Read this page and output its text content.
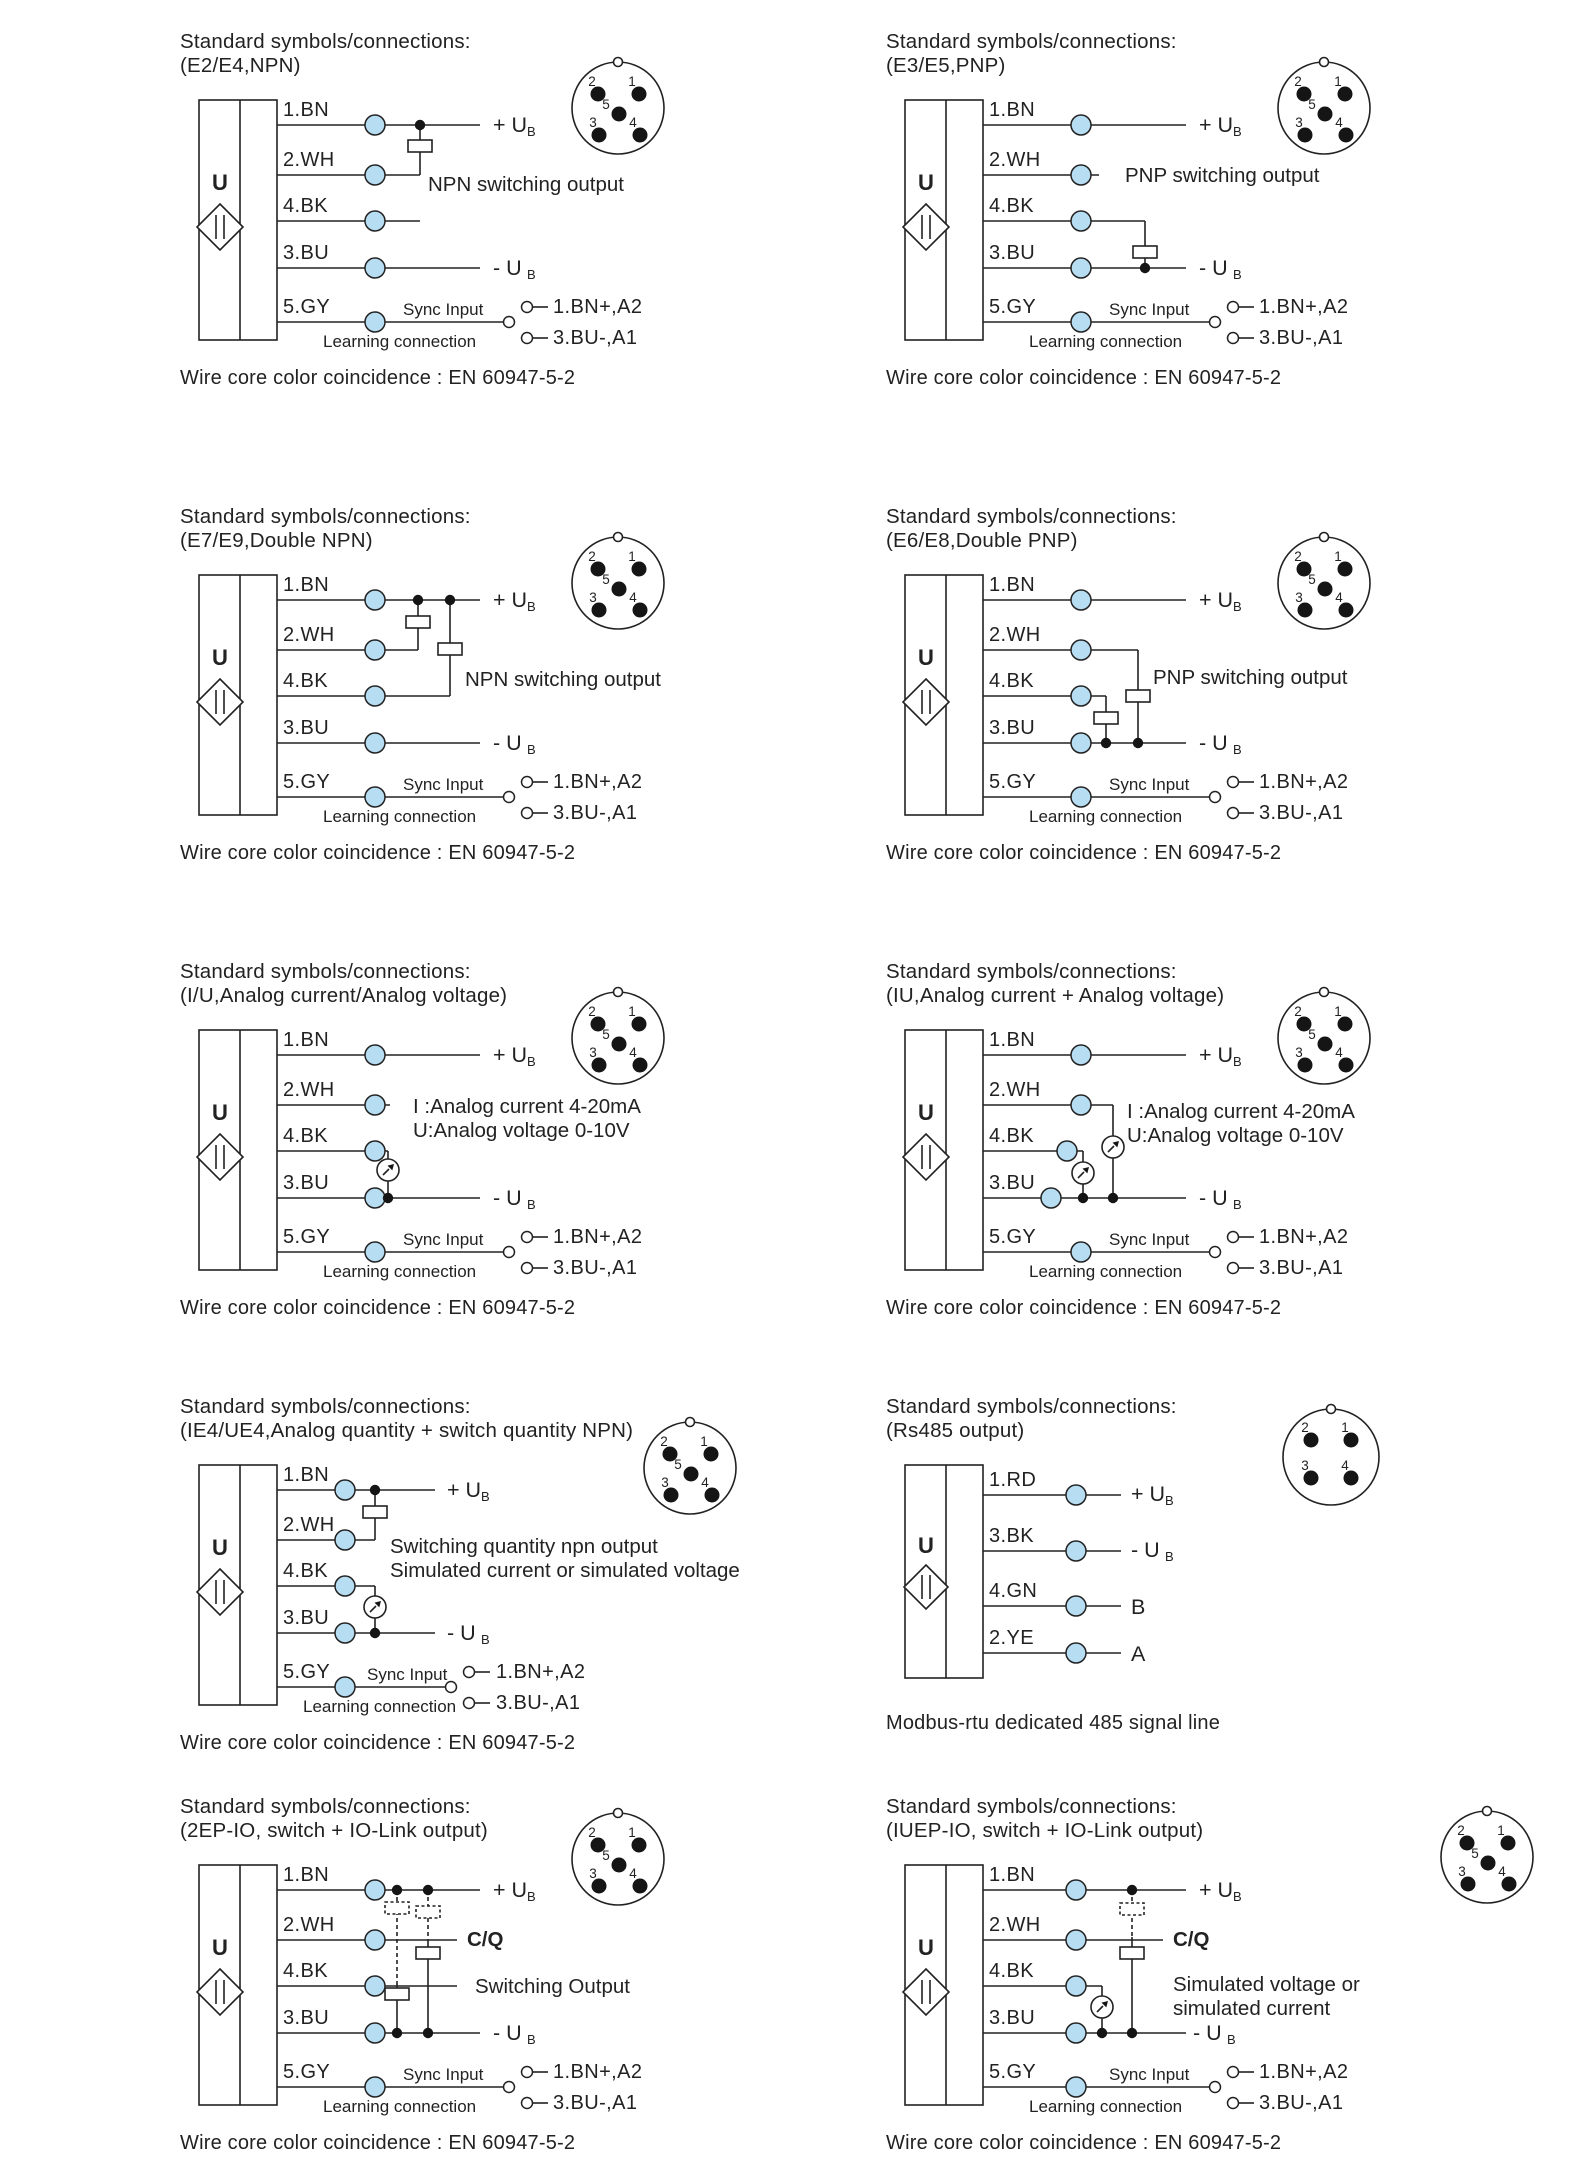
Standard symbols/connections:
(E2/E4,NPN)
U
1.BN
+ U B
2.WH
NPN switching output
4.BK
3.BU
- U B
5.GY	Sync Input
Learning connection
1.BN+,A2
3.BU-,A1
2 1
5
3 4
Wire core color coincidence : EN 60947-5-2
Standard symbols/connections:
(E3/E5,PNP)
U
1.BN
+ U B
2.WH
PNP switching output
4.BK
3.BU
- U B
5.GY	Sync Input
Learning connection
1.BN+,A2
3.BU-,A1
2 1
5
3 4
Wire core color coincidence : EN 60947-5-2
Standard symbols/connections:
(E7/E9,Double NPN)
U
1.BN
+ U B
2.WH
4.BK	NPN switching output
3.BU
- U B
5.GY	Sync Input
Learning connection
1.BN+,A2
3.BU-,A1
2 1
5
3 4
Wire core color coincidence : EN 60947-5-2
Standard symbols/connections:
(E6/E8,Double PNP)
U
1.BN
+ U B
2.WH
4.BK	PNP switching output
3.BU
- U B
5.GY	Sync Input
Learning connection
1.BN+,A2
3.BU-,A1
2 1
5
3 4
Wire core color coincidence : EN 60947-5-2
Standard symbols/connections:
(I/U,Analog current/Analog voltage)
U
1.BN
+ U B
2.WH
I :Analog current 4-20mA
U:Analog voltage 0-10V
4.BK
3.BU
- U B
5.GY	Sync Input
Learning connection
1.BN+,A2
3.BU-,A1
2 1
5
3 4
Wire core color coincidence : EN 60947-5-2
Standard symbols/connections:
(IU,Analog current + Analog voltage)
U
1.BN
+ U B
2.WH
I :Analog current 4-20mA
U:Analog voltage 0-10V
4.BK
3.BU
- U B
5.GY	Sync Input
Learning connection
1.BN+,A2
3.BU-,A1
2 1
5
3 4
Wire core color coincidence : EN 60947-5-2
Standard symbols/connections:
(IE4/UE4,Analog quantity + switch quantity NPN)
U
1.BN
+ U B
2.WH
Switching quantity npn output
Simulated current or simulated voltage
4.BK
3.BU
- U B
5.GY Sync Input
Learning connection
1.BN+,A2
3.BU-,A1
2 1
5
3 4
Wire core color coincidence : EN 60947-5-2
Standard symbols/connections:
(Rs485 output)
U
1.RD
+ U B
3.BK
- U B
4.GN
B
2.YE
A
2 1
3 4
Modbus-rtu dedicated 485 signal line
Standard symbols/connections:
(2EP-IO, switch + IO-Link output)
U
1.BN
+ U B
2.WH
C/Q
4.BK
Switching Output
3.BU
- U B
5.GY	Sync Input
Learning connection
1.BN+,A2
3.BU-,A1
2 1
5
3 4
Wire core color coincidence : EN 60947-5-2
Standard symbols/connections:
(IUEP-IO, switch + IO-Link output)
U
1.BN
+ U B
2.WH
C/Q
4.BK
Simulated voltage or
simulated current
3.BU
- U B
5.GY	Sync Input
Learning connection
1.BN+,A2
3.BU-,A1
2 1
5
3 4
Wire core color coincidence : EN 60947-5-2
